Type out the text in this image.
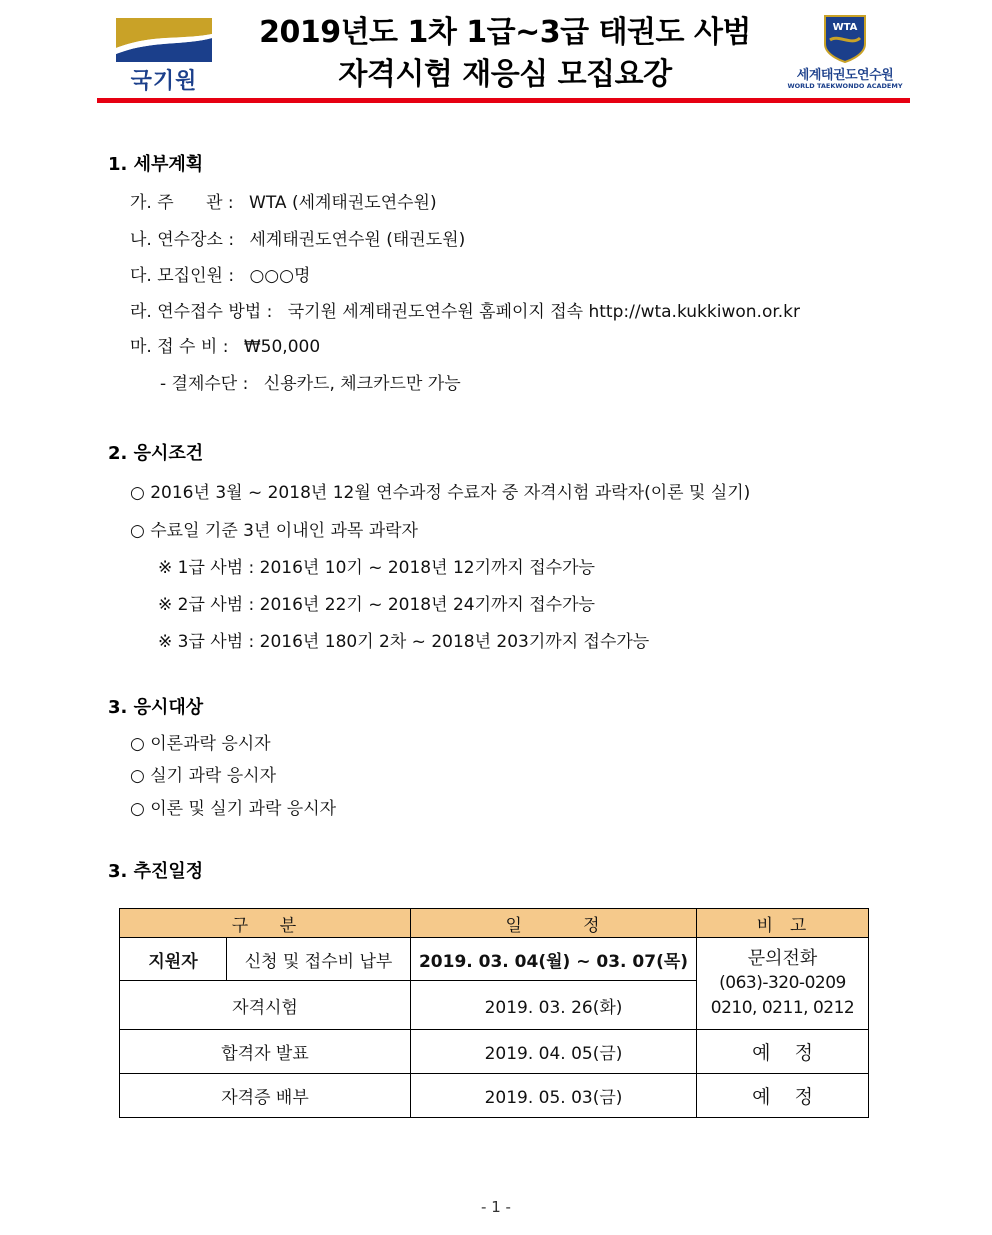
국기원
2019년도 1차 1급~3급 태권도 사범
자격시험 재응심 모집요강
WTA
세계태권도연수원
WORLD TAEKWONDO ACADEMY
1. 세부계획
가. 주      관 : WTA (세계태권도연수원)
나. 연수장소 : 세계태권도연수원 (태권도원)
다. 모집인원 : ○○○명
라. 연수접수 방법 : 국기원 세계태권도연수원 홈페이지 접속 http://wta.kukkiwon.or.kr
마. 접 수 비 : ₩50,000
- 결제수단 : 신용카드, 체크카드만 가능
2. 응시조건
○ 2016년 3월 ~ 2018년 12월 연수과정 수료자 중 자격시험 과락자(이론 및 실기)
○ 수료일 기준 3년 이내인 과목 과락자
※ 1급 사범 : 2016년 10기 ~ 2018년 12기까지 접수가능
※ 2급 사범 : 2016년 22기 ~ 2018년 24기까지 접수가능
※ 3급 사범 : 2016년 180기 2차 ~ 2018년 203기까지 접수가능
3. 응시대상
○ 이론과락 응시자
○ 실기 과락 응시자
○ 이론 및 실기 과락 응시자
3. 추진일정
구    분		일        정	비  고
지원자	신청 및 접수비 납부	2019. 03. 04(월) ~ 03. 07(목)	문의전화
(063)-320-0209
0210, 0211, 0212

자격시험		2019. 03. 26(화)	
합격자 발표		2019. 04. 05(금)	예    정
자격증 배부		2019. 05. 03(금)	예    정
- 1 -
